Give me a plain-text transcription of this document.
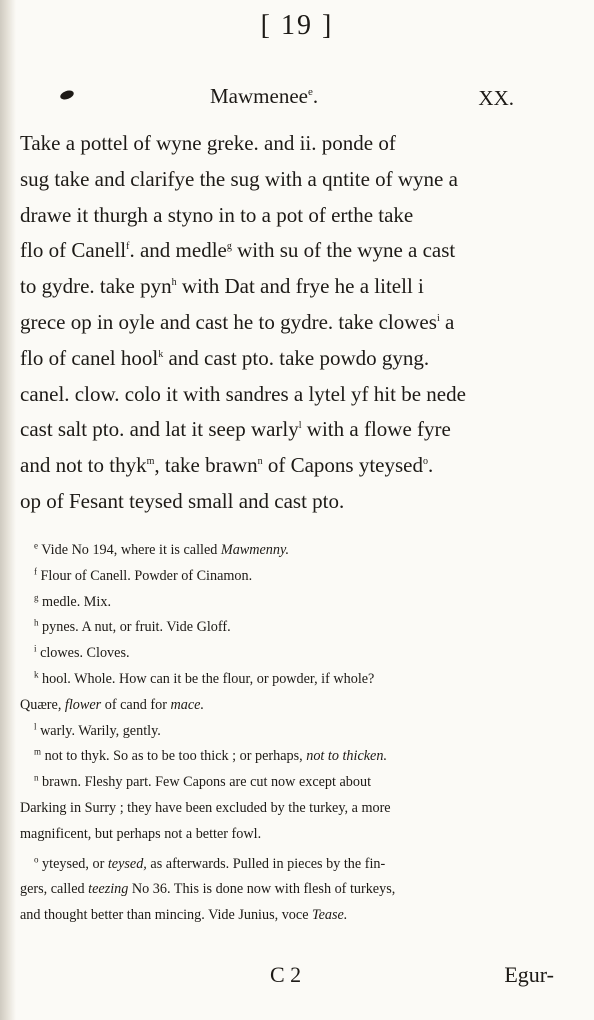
[ 19 ]
Mawmenee$^e$.	XX.
Take a pottel of wyne greke. and ii. ponde of
sug take and clarifye the sug with a qntite of wyne a
drawe it thurgh a styno in to a pot of erthe take
flo of Canell$^f$. and medle$^g$ with su of the wyne a cast
to gydre. take pyn$^h$ with Dat and frye he a litell i
grece op in oyle and cast he to gydre. take clowes$^i$ a
flo of canel hool$^k$ and cast pto. take powdo gyng.
canel. clow. colo it with sandres a lytel yf hit be nede
cast salt pto. and lat it seep warly$^l$ with a flowe fyre
and not to thyk$^m$, take brawn$^n$ of Capons yteysed$^o$.
op of Fesant teysed small and cast pto.
$^e$ Vide No 194, where it is called Mawmenny.
$^f$ Flour of Canell. Powder of Cinamon.
$^g$ medle. Mix.
$^h$ pynes. A nut, or fruit. Vide Gloff.
$^i$ clowes. Cloves.
$^k$ hool. Whole. How can it be the flour, or powder, if whole?
Quære, flower of cand for mace.
$^l$ warly. Warily, gently.
$^m$ not to thyk. So as to be too thick ; or perhaps, not to thicken.
$^n$ brawn. Fleshy part. Few Capons are cut now except about
Darking in Surry ; they have been excluded by the turkey, a more
magnificent, but perhaps not a better fowl.
$^o$ yteysed, or teysed, as afterwards. Pulled in pieces by the fin-
gers, called teezing No 36. This is done now with flesh of turkeys,
and thought better than mincing. Vide Junius, voce Tease.
C 2	Egur-
